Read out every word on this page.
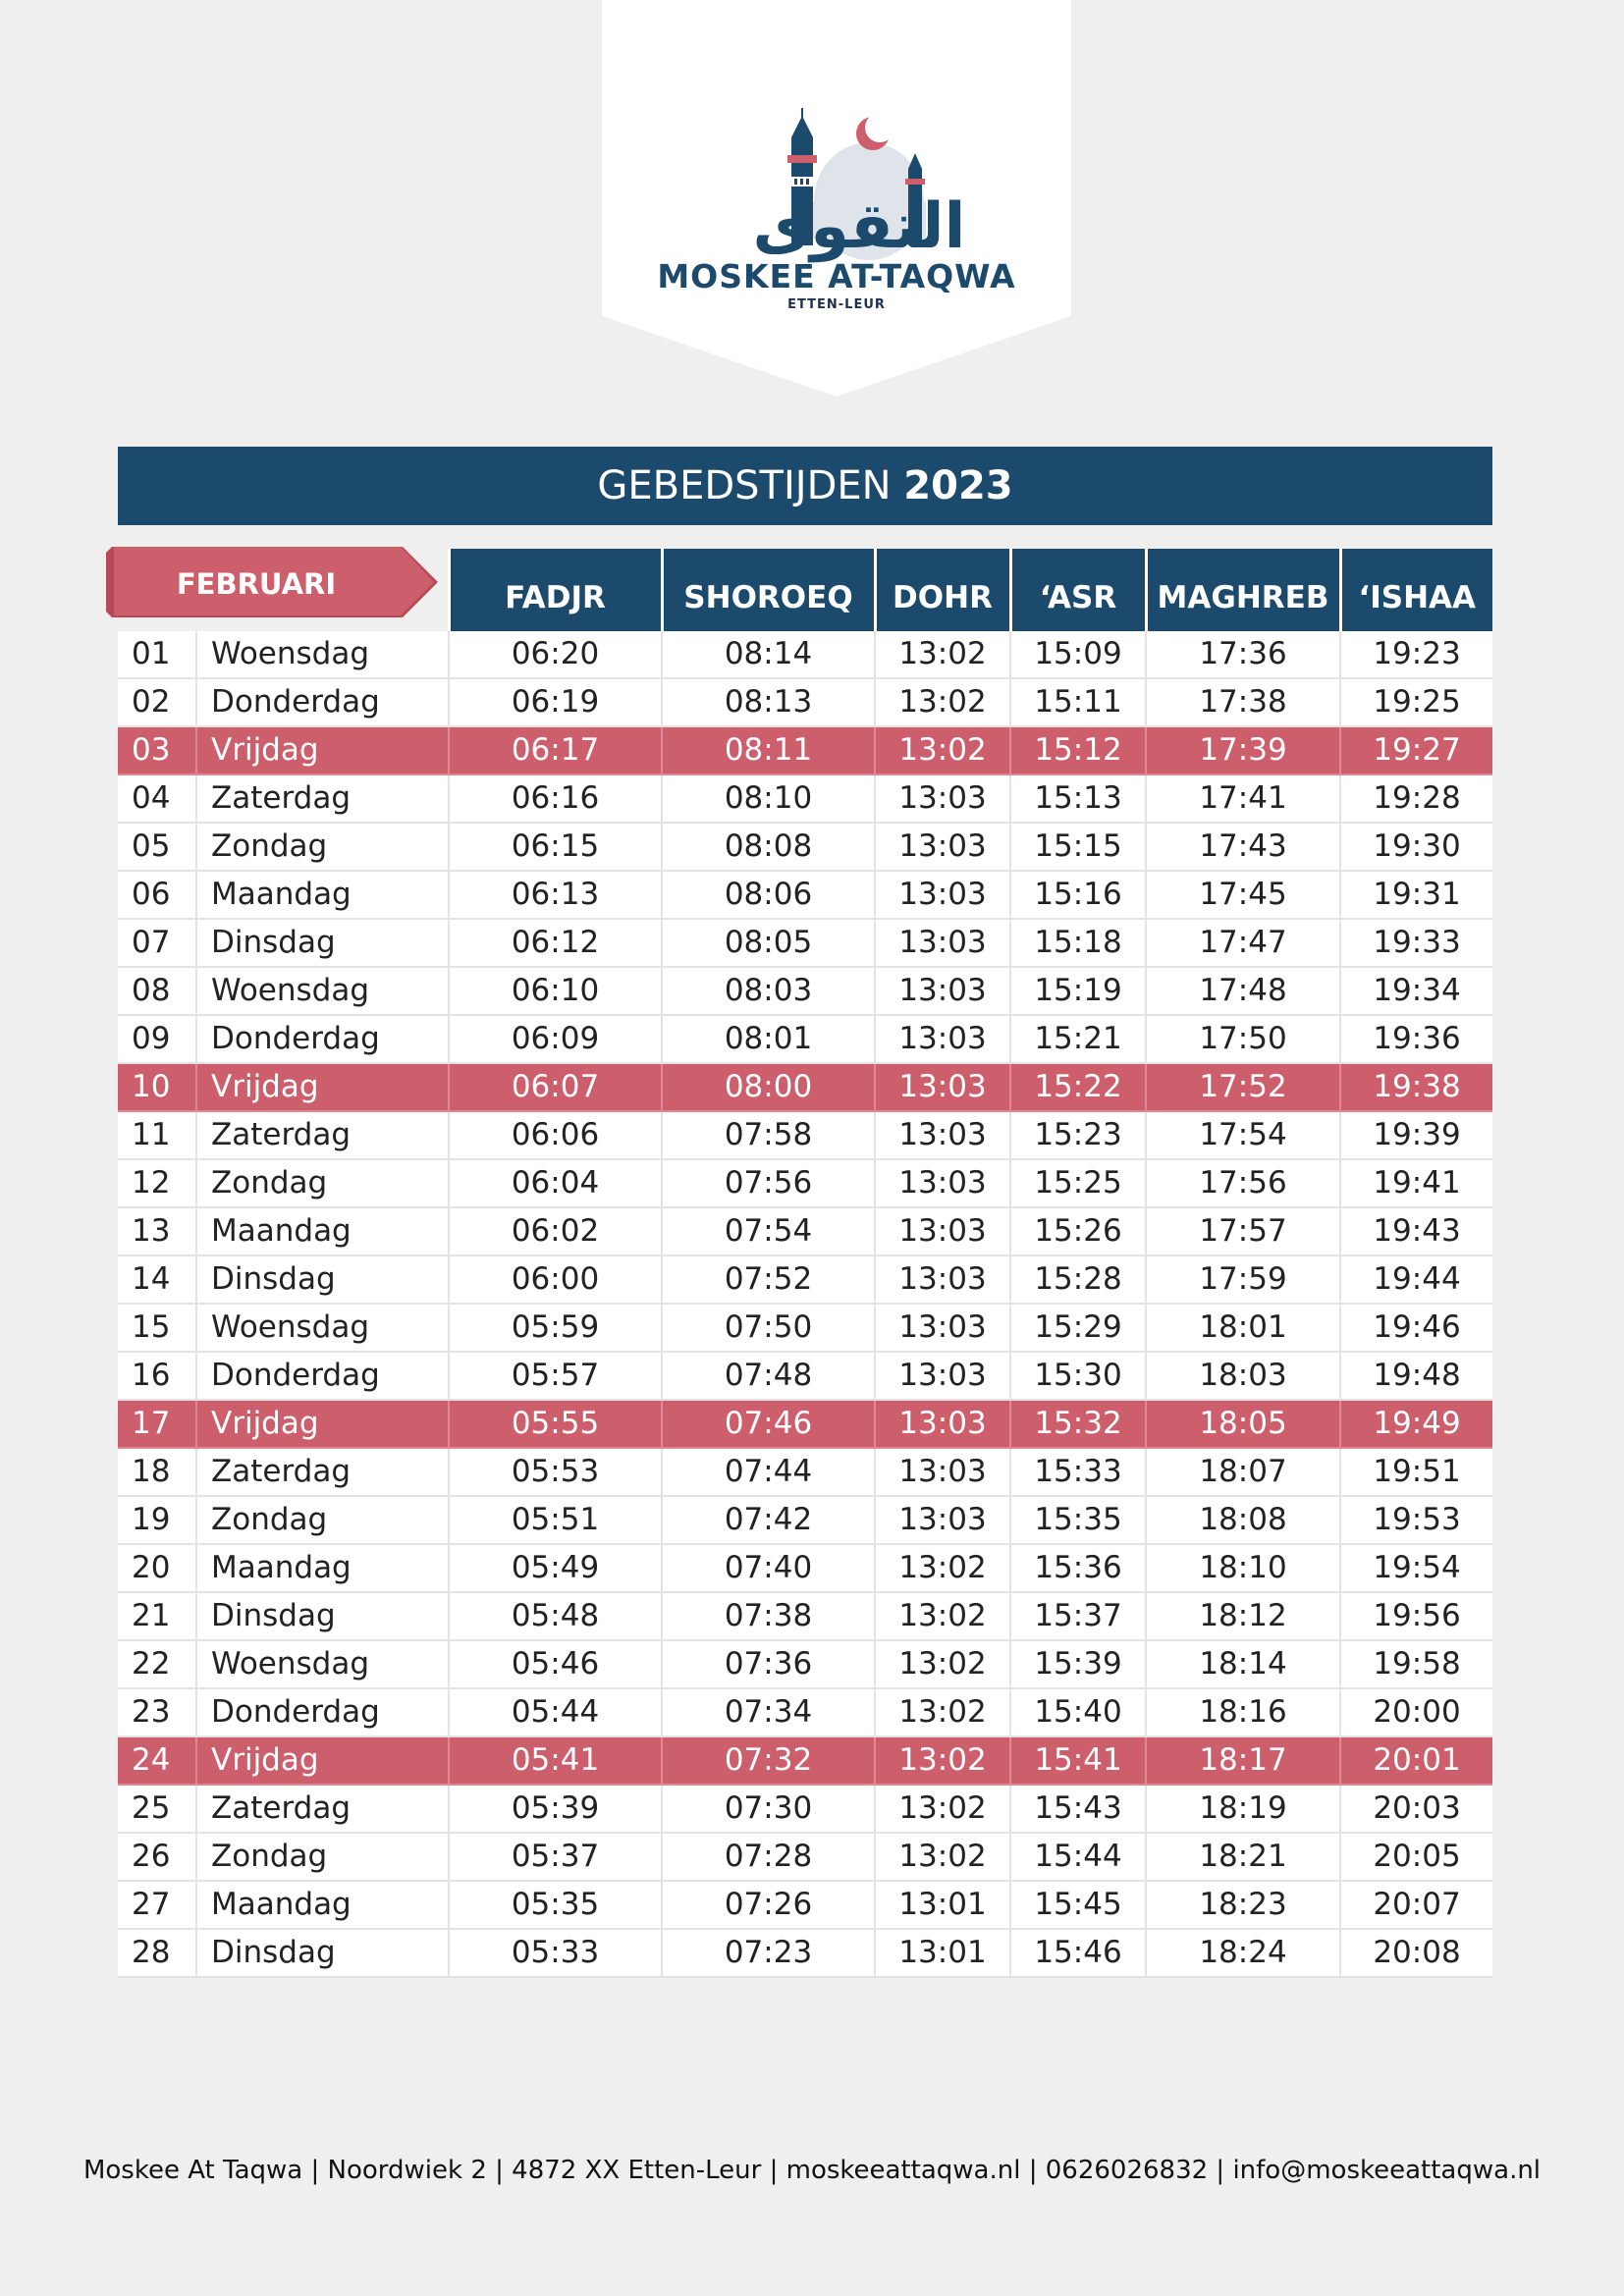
التقوى
MOSKEE AT-TAQWA
ETTEN-LEUR
GEBEDSTIJDEN 2023
		FADJR	SHOROEQ	DOHR	‘ASR	MAGHREB	‘ISHAA
01	Woensdag	06:20	08:14	13:02	15:09	17:36	19:23
02	Donderdag	06:19	08:13	13:02	15:11	17:38	19:25
03	Vrijdag	06:17	08:11	13:02	15:12	17:39	19:27
04	Zaterdag	06:16	08:10	13:03	15:13	17:41	19:28
05	Zondag	06:15	08:08	13:03	15:15	17:43	19:30
06	Maandag	06:13	08:06	13:03	15:16	17:45	19:31
07	Dinsdag	06:12	08:05	13:03	15:18	17:47	19:33
08	Woensdag	06:10	08:03	13:03	15:19	17:48	19:34
09	Donderdag	06:09	08:01	13:03	15:21	17:50	19:36
10	Vrijdag	06:07	08:00	13:03	15:22	17:52	19:38
11	Zaterdag	06:06	07:58	13:03	15:23	17:54	19:39
12	Zondag	06:04	07:56	13:03	15:25	17:56	19:41
13	Maandag	06:02	07:54	13:03	15:26	17:57	19:43
14	Dinsdag	06:00	07:52	13:03	15:28	17:59	19:44
15	Woensdag	05:59	07:50	13:03	15:29	18:01	19:46
16	Donderdag	05:57	07:48	13:03	15:30	18:03	19:48
17	Vrijdag	05:55	07:46	13:03	15:32	18:05	19:49
18	Zaterdag	05:53	07:44	13:03	15:33	18:07	19:51
19	Zondag	05:51	07:42	13:03	15:35	18:08	19:53
20	Maandag	05:49	07:40	13:02	15:36	18:10	19:54
21	Dinsdag	05:48	07:38	13:02	15:37	18:12	19:56
22	Woensdag	05:46	07:36	13:02	15:39	18:14	19:58
23	Donderdag	05:44	07:34	13:02	15:40	18:16	20:00
24	Vrijdag	05:41	07:32	13:02	15:41	18:17	20:01
25	Zaterdag	05:39	07:30	13:02	15:43	18:19	20:03
26	Zondag	05:37	07:28	13:02	15:44	18:21	20:05
27	Maandag	05:35	07:26	13:01	15:45	18:23	20:07
28	Dinsdag	05:33	07:23	13:01	15:46	18:24	20:08
FEBRUARI
Moskee At Taqwa | Noordwiek 2 | 4872 XX Etten-Leur | moskeeattaqwa.nl | 0626026832 | info@moskeeattaqwa.nl
